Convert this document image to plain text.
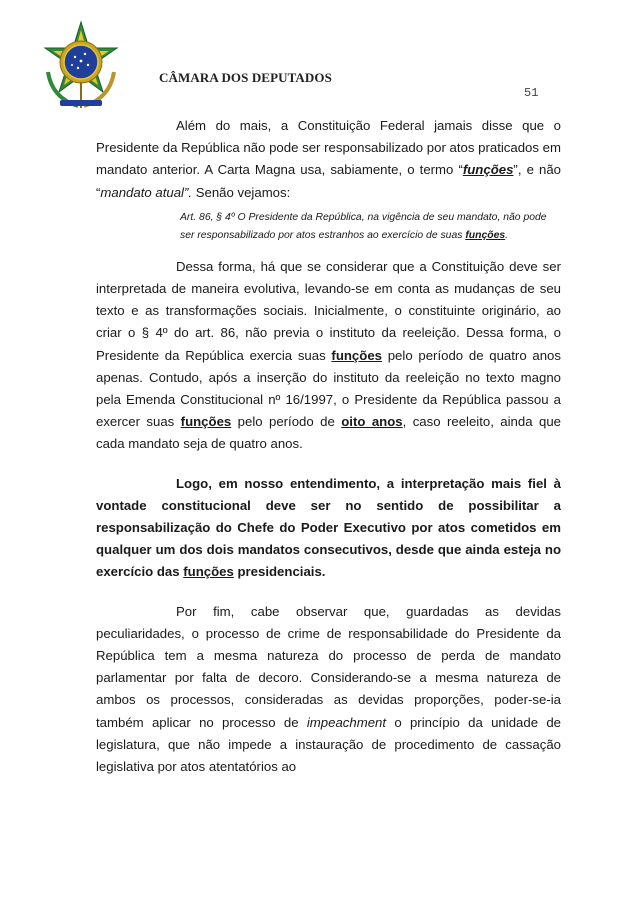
CÂMARA DOS DEPUTADOS
51

Além do mais, a Constituição Federal jamais disse que o Presidente da República não pode ser responsabilizado por atos praticados em mandato anterior. A Carta Magna usa, sabiamente, o termo “funções”, e não “mandato atual”. Senão vejamos:

Art. 86, § 4º O Presidente da República, na vigência de seu mandato, não pode ser responsabilizado por atos estranhos ao exercício de suas funções.

Dessa forma, há que se considerar que a Constituição deve ser interpretada de maneira evolutiva, levando-se em conta as mudanças de seu texto e as transformações sociais. Inicialmente, o constituinte originário, ao criar o § 4º do art. 86, não previa o instituto da reeleição. Dessa forma, o Presidente da República exercia suas funções pelo período de quatro anos apenas. Contudo, após a inserção do instituto da reeleição no texto magno pela Emenda Constitucional nº 16/1997, o Presidente da República passou a exercer suas funções pelo período de oito anos, caso reeleito, ainda que cada mandato seja de quatro anos.

Logo, em nosso entendimento, a interpretação mais fiel à vontade constitucional deve ser no sentido de possibilitar a responsabilização do Chefe do Poder Executivo por atos cometidos em qualquer um dos dois mandatos consecutivos, desde que ainda esteja no exercício das funções presidenciais.

Por fim, cabe observar que, guardadas as devidas peculiaridades, o processo de crime de responsabilidade do Presidente da República tem a mesma natureza do processo de perda de mandato parlamentar por falta de decoro. Considerando-se a mesma natureza de ambos os processos, consideradas as devidas proporções, poder-se-ia também aplicar no processo de impeachment o princípio da unidade de legislatura, que não impede a instauração de procedimento de cassação legislativa por atos atentatórios ao
